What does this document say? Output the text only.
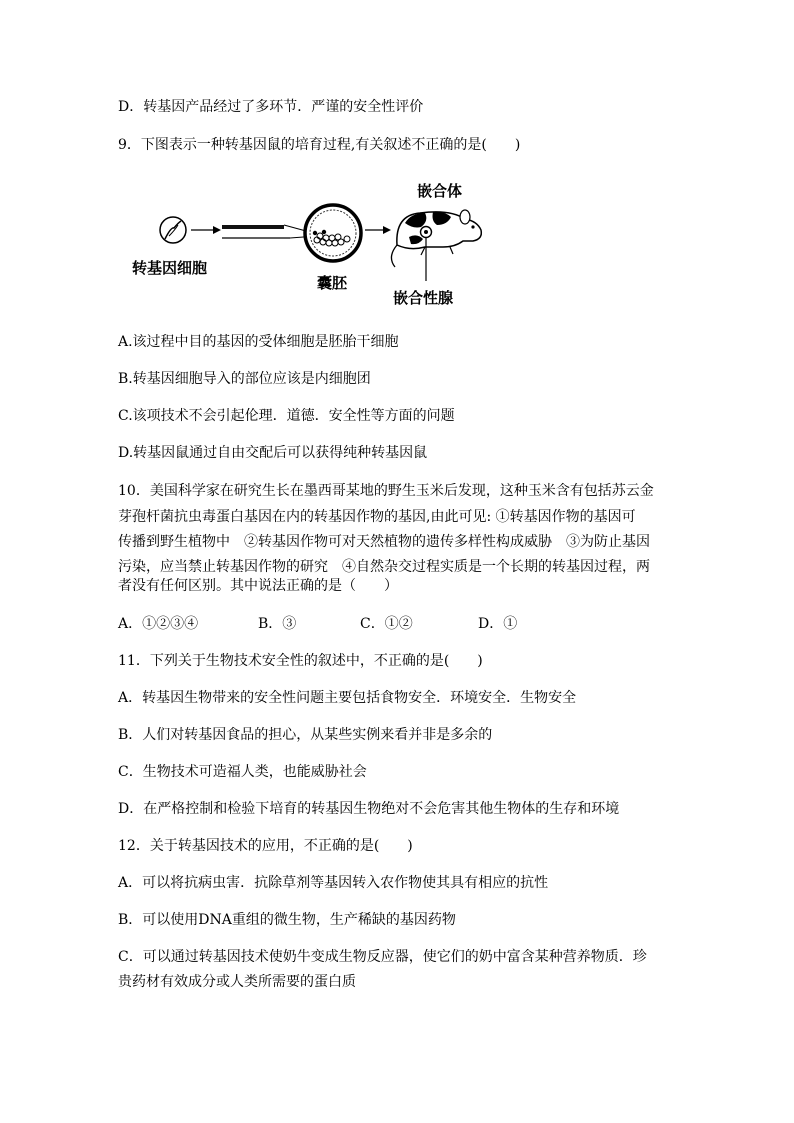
D．转基因产品经过了多环节．严谨的安全性评价
9．下图表示一种转基因鼠的培育过程,有关叙述不正确的是(　　)
转基因细胞
囊胚
嵌合体
嵌合性腺
A.该过程中目的基因的受体细胞是胚胎干细胞
B.转基因细胞导入的部位应该是内细胞团
C.该项技术不会引起伦理．道德．安全性等方面的问题
D.转基因鼠通过自由交配后可以获得纯种转基因鼠
10．美国科学家在研究生长在墨西哥某地的野生玉米后发现，这种玉米含有包括苏云金
芽孢杆菌抗虫毒蛋白基因在内的转基因作物的基因,由此可见: ①转基因作物的基因可
传播到野生植物中　②转基因作物可对天然植物的遗传多样性构成威胁　③为防止基因
污染，应当禁止转基因作物的研究　④自然杂交过程实质是一个长期的转基因过程，两
者没有任何区别。其中说法正确的是（　　）
A．①②③④	B．③	C．①②	D．①
11．下列关于生物技术安全性的叙述中，不正确的是(　　)
A．转基因生物带来的安全性问题主要包括食物安全．环境安全．生物安全
B．人们对转基因食品的担心，从某些实例来看并非是多余的
C．生物技术可造福人类，也能威胁社会
D．在严格控制和检验下培育的转基因生物绝对不会危害其他生物体的生存和环境
12．关于转基因技术的应用，不正确的是(　　)
A．可以将抗病虫害．抗除草剂等基因转入农作物使其具有相应的抗性
B．可以使用DNA重组的微生物，生产稀缺的基因药物
C．可以通过转基因技术使奶牛变成生物反应器，使它们的奶中富含某种营养物质．珍
贵药材有效成分或人类所需要的蛋白质
